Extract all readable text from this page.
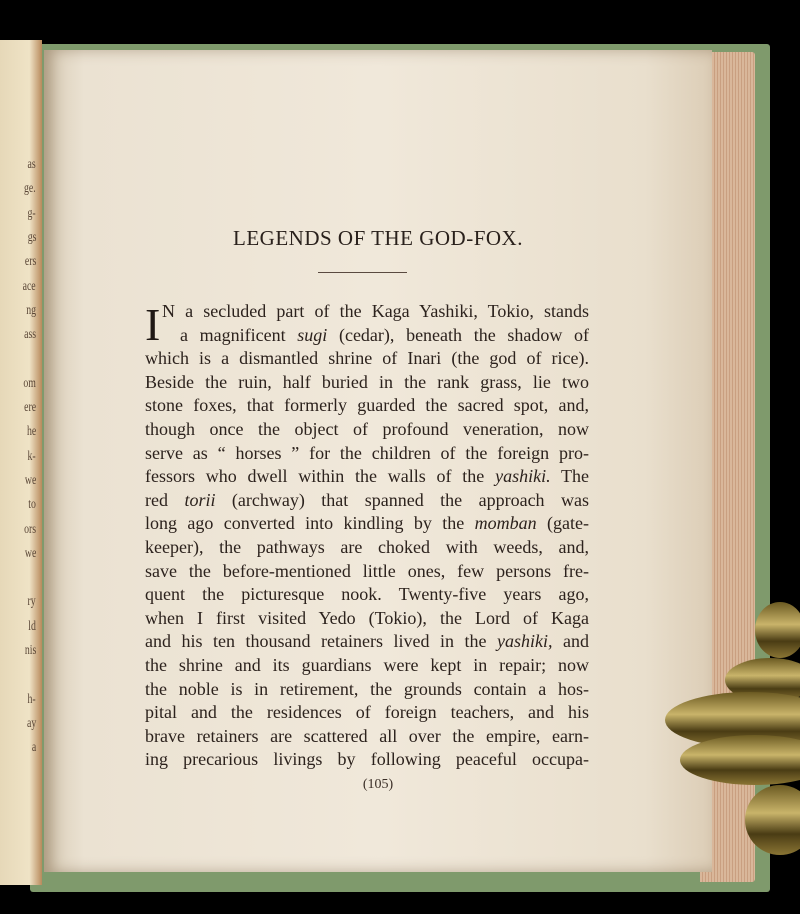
as
ge.
g-
gs
ers
ace
ng
ass
om
ere
he
k-
we
to
ors
we
ry
ld
nis
h-
ay
a
LEGENDS OF THE GOD-FOX.
I N a secluded part of the Kaga Yashiki, Tokio, stands
a magnificent sugi (cedar), beneath the shadow of
which is a dismantled shrine of Inari (the god of rice).
Beside the ruin, half buried in the rank grass, lie two
stone foxes, that formerly guarded the sacred spot, and,
though once the object of profound veneration, now
serve as “ horses ” for the children of the foreign pro-
fessors who dwell within the walls of the yashiki. The
red torii (archway) that spanned the approach was
long ago converted into kindling by the momban (gate-
keeper), the pathways are choked with weeds, and,
save the before-mentioned little ones, few persons fre-
quent the picturesque nook. Twenty-five years ago,
when I first visited Yedo (Tokio), the Lord of Kaga
and his ten thousand retainers lived in the yashiki, and
the shrine and its guardians were kept in repair; now
the noble is in retirement, the grounds contain a hos-
pital and the residences of foreign teachers, and his
brave retainers are scattered all over the empire, earn-
ing precarious livings by following peaceful occupa-
(105)
